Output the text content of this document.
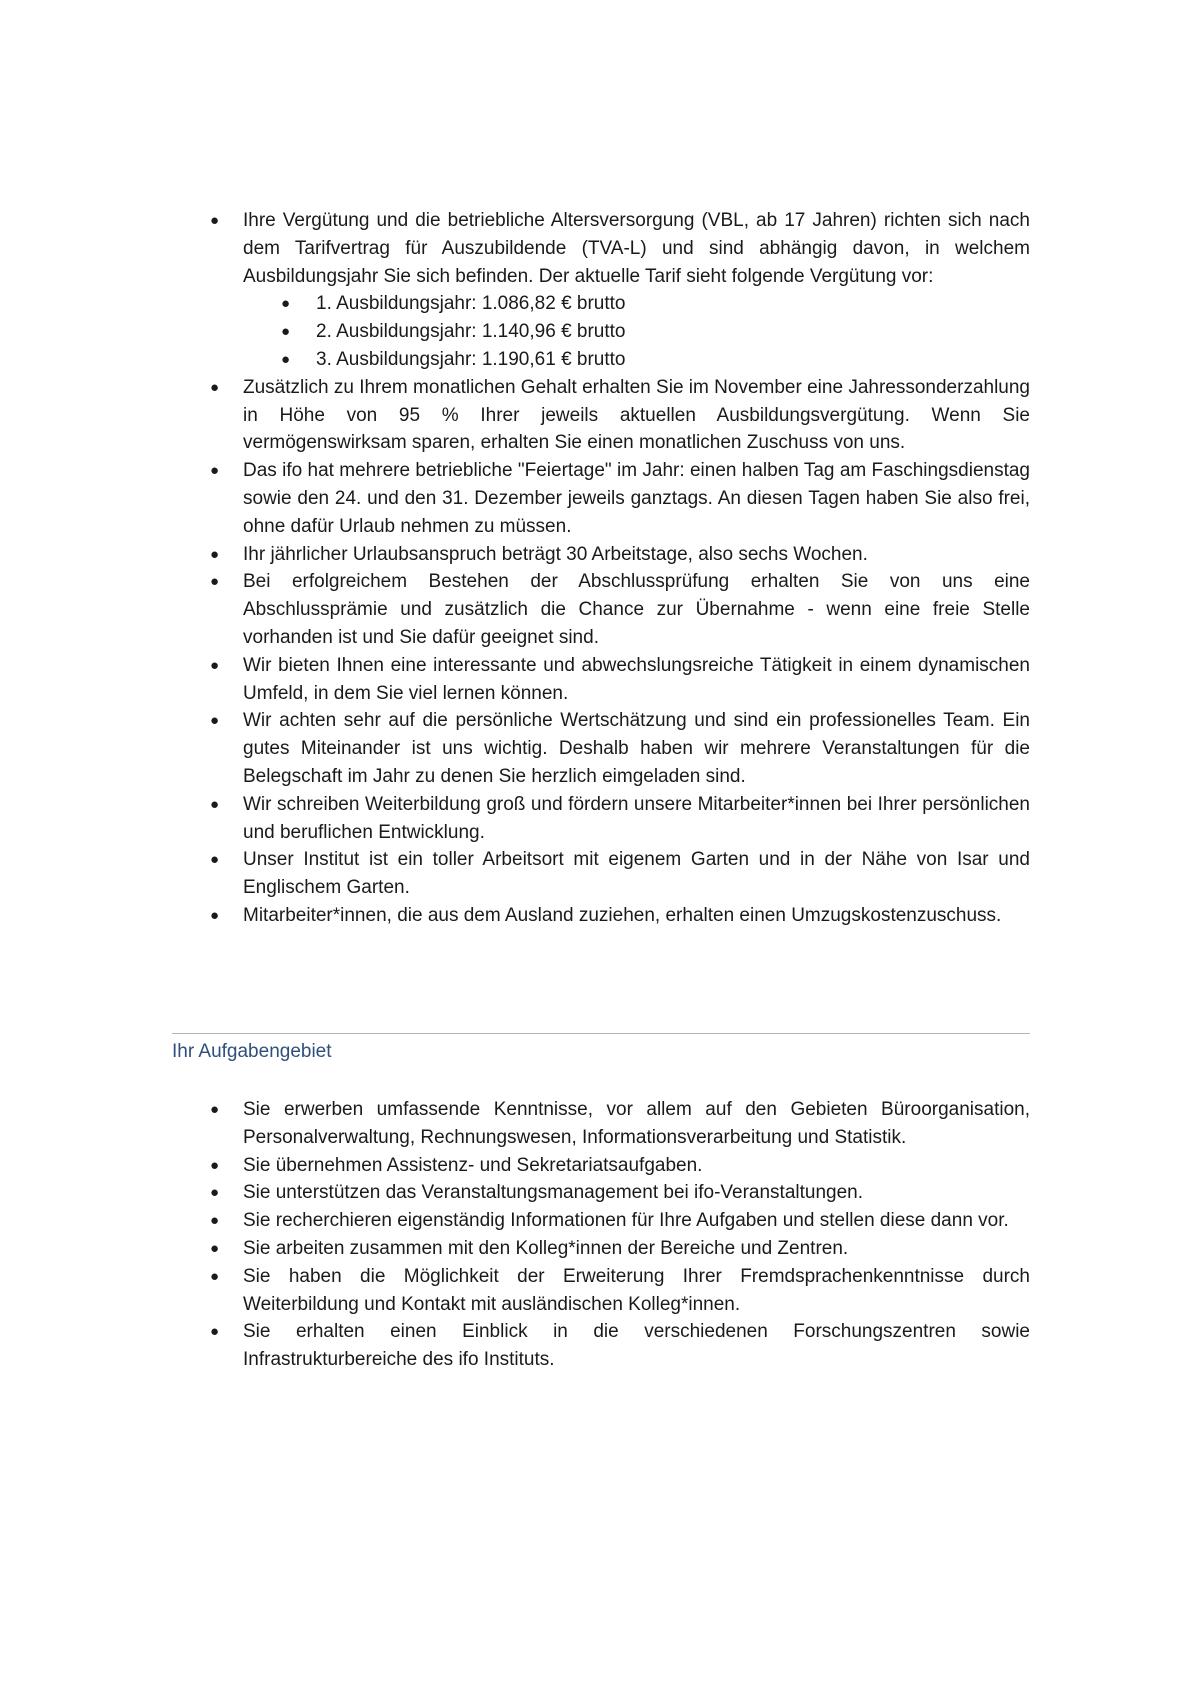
● Ihre Vergütung und die betriebliche Altersversorgung (VBL, ab 17 Jahren) richten sich nach dem Tarifvertrag für Auszubildende (TVA-L) und sind abhängig davon, in welchem Ausbildungsjahr Sie sich befinden. Der aktuelle Tarif sieht folgende Vergütung vor:
● 1. Ausbildungsjahr: 1.086,82 € brutto
● 2. Ausbildungsjahr: 1.140,96 € brutto
● 3. Ausbildungsjahr: 1.190,61 € brutto
● Zusätzlich zu Ihrem monatlichen Gehalt erhalten Sie im November eine Jahressonderzahlung in Höhe von 95 % Ihrer jeweils aktuellen Ausbildungsvergütung. Wenn Sie vermögenswirksam sparen, erhalten Sie einen monatlichen Zuschuss von uns.
● Das ifo hat mehrere betriebliche "Feiertage" im Jahr: einen halben Tag am Faschingsdienstag sowie den 24. und den 31. Dezember jeweils ganztags. An diesen Tagen haben Sie also frei, ohne dafür Urlaub nehmen zu müssen.
● Ihr jährlicher Urlaubsanspruch beträgt 30 Arbeitstage, also sechs Wochen.
● Bei erfolgreichem Bestehen der Abschlussprüfung erhalten Sie von uns eine Abschlussprämie und zusätzlich die Chance zur Übernahme - wenn eine freie Stelle vorhanden ist und Sie dafür geeignet sind.
● Wir bieten Ihnen eine interessante und abwechslungsreiche Tätigkeit in einem dynamischen Umfeld, in dem Sie viel lernen können.
● Wir achten sehr auf die persönliche Wertschätzung und sind ein professionelles Team. Ein gutes Miteinander ist uns wichtig. Deshalb haben wir mehrere Veranstaltungen für die Belegschaft im Jahr zu denen Sie herzlich eimgeladen sind.
● Wir schreiben Weiterbildung groß und fördern unsere Mitarbeiter*innen bei Ihrer persönlichen und beruflichen Entwicklung.
● Unser Institut ist ein toller Arbeitsort mit eigenem Garten und in der Nähe von Isar und Englischem Garten.
● Mitarbeiter*innen, die aus dem Ausland zuziehen, erhalten einen Umzugskostenzuschuss.
Ihr Aufgabengebiet
● Sie erwerben umfassende Kenntnisse, vor allem auf den Gebieten Büroorganisation, Personalverwaltung, Rechnungswesen, Informationsverarbeitung und Statistik.
● Sie übernehmen Assistenz- und Sekretariatsaufgaben.
● Sie unterstützen das Veranstaltungsmanagement bei ifo-Veranstaltungen.
● Sie recherchieren eigenständig Informationen für Ihre Aufgaben und stellen diese dann vor.
● Sie arbeiten zusammen mit den Kolleg*innen der Bereiche und Zentren.
● Sie haben die Möglichkeit der Erweiterung Ihrer Fremdsprachenkenntnisse durch Weiterbildung und Kontakt mit ausländischen Kolleg*innen.
● Sie erhalten einen Einblick in die verschiedenen Forschungszentren sowie Infrastrukturbereiche des ifo Instituts.
